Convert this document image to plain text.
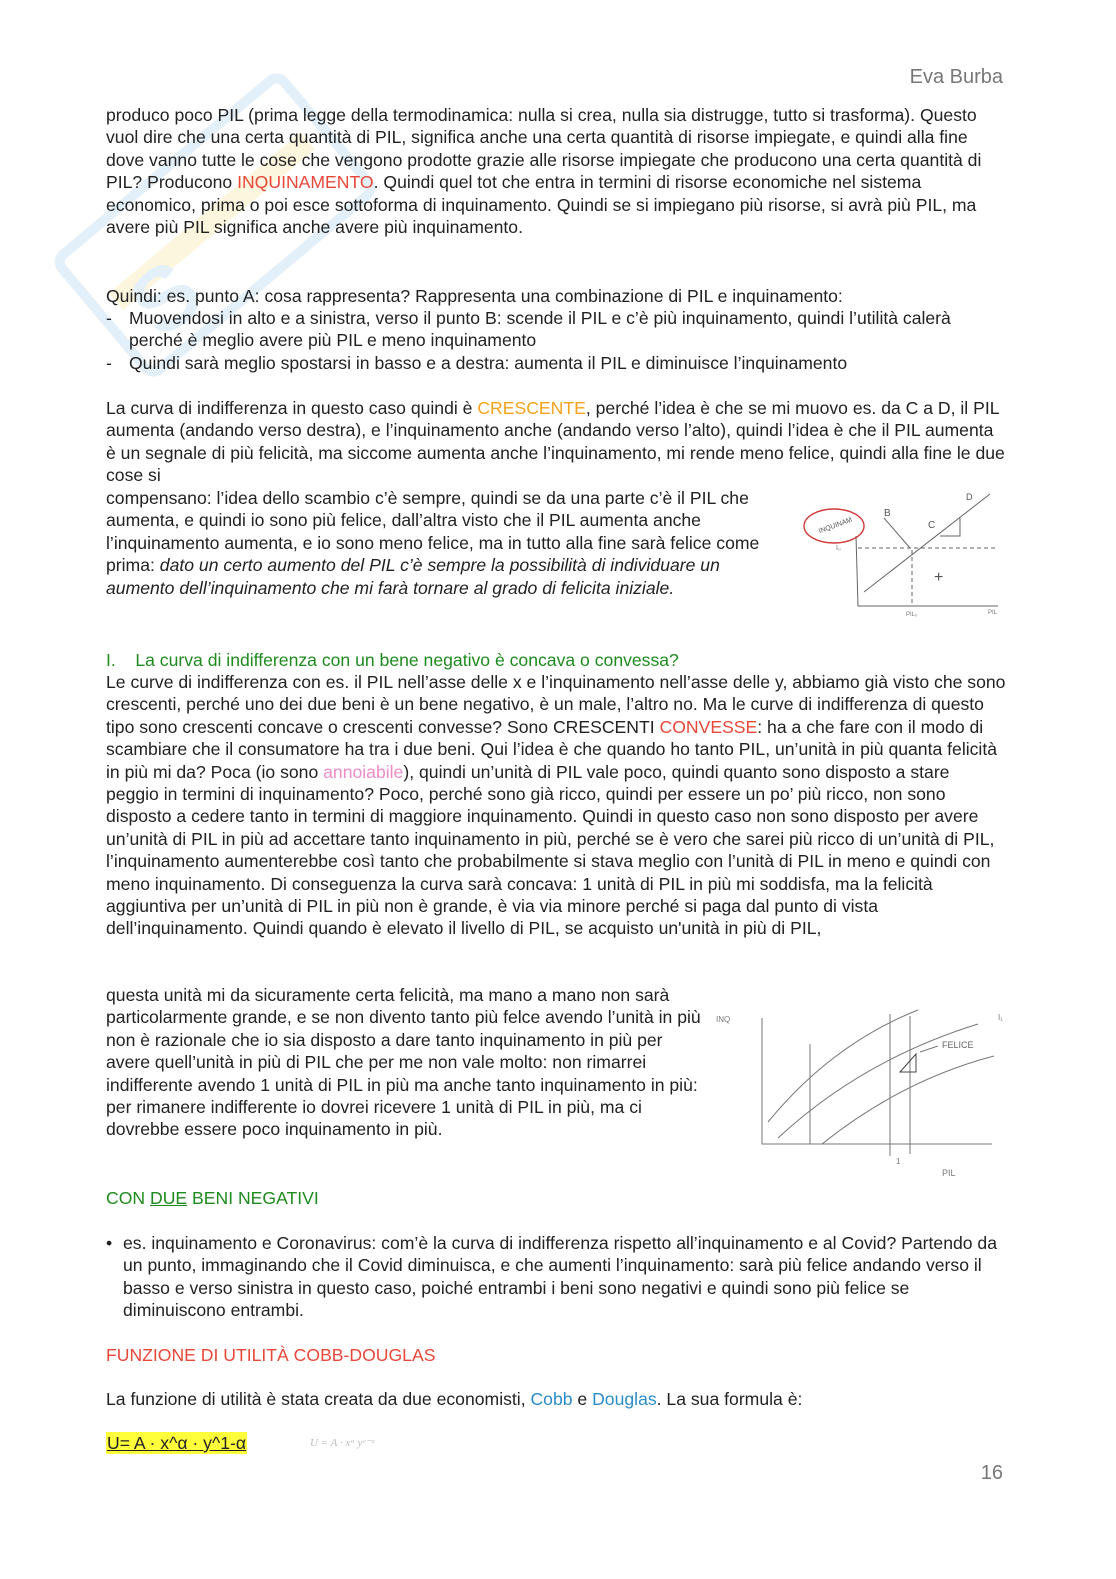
S
Eva Burba
produco poco PIL (prima legge della termodinamica: nulla si crea, nulla sia distrugge, tutto si trasforma). Questo vuol dire che una certa quantità di PIL, significa anche una certa quantità di risorse impiegate, e quindi alla fine dove vanno tutte le cose che vengono prodotte grazie alle risorse impiegate che producono una certa quantità di PIL? Producono INQUINAMENTO. Quindi quel tot che entra in termini di risorse economiche nel sistema economico, prima o poi esce sottoforma di inquinamento. Quindi se si impiegano più risorse, si avrà più PIL, ma avere più PIL significa anche avere più inquinamento.
Quindi: es. punto A: cosa rappresenta? Rappresenta una combinazione di PIL e inquinamento:
- Muovendosi in alto e a sinistra, verso il punto B: scende il PIL e c’è più inquinamento, quindi l’utilità calerà perché è meglio avere più PIL e meno inquinamento
- Quindi sarà meglio spostarsi in basso e a destra: aumenta il PIL e diminuisce l’inquinamento
La curva di indifferenza in questo caso quindi è CRESCENTE, perché l’idea è che se mi muovo es. da C a D, il PIL aumenta (andando verso destra), e l’inquinamento anche (andando verso l’alto), quindi l’idea è che il PIL aumenta è un segnale di più felicità, ma siccome aumenta anche l’inquinamento, mi rende meno felice, quindi alla fine le due cose si
compensano: l’idea dello scambio c’è sempre, quindi se da una parte c’è il PIL che aumenta, e quindi io sono più felice, dall’altra visto che il PIL aumenta anche l’inquinamento aumenta, e io sono meno felice, ma in tutto alla fine sarà felice come prima: dato un certo aumento del PIL c’è sempre la possibilità di individuare un aumento dell’inquinamento che mi farà tornare al grado di felicita iniziale.
INQUINAM
B
C
D
+
I₀
PIL₀	PIL
I. La curva di indifferenza con un bene negativo è concava o convessa?
Le curve di indifferenza con es. il PIL nell’asse delle x e l’inquinamento nell’asse delle y, abbiamo già visto che sono crescenti, perché uno dei due beni è un bene negativo, è un male, l’altro no. Ma le curve di indifferenza di questo tipo sono crescenti concave o crescenti convesse? Sono CRESCENTI CONVESSE: ha a che fare con il modo di scambiare che il consumatore ha tra i due beni. Qui l’idea è che quando ho tanto PIL, un’unità in più quanta felicità in più mi da? Poca (io sono annoiabile), quindi un’unità di PIL vale poco, quindi quanto sono disposto a stare peggio in termini di inquinamento? Poco, perché sono già ricco, quindi per essere un po’ più ricco, non sono disposto a cedere tanto in termini di maggiore inquinamento. Quindi in questo caso non sono disposto per avere un’unità di PIL in più ad accettare tanto inquinamento in più, perché se è vero che sarei più ricco di un’unità di PIL, l’inquinamento aumenterebbe così tanto che probabilmente si stava meglio con l’unità di PIL in meno e quindi con meno inquinamento. Di conseguenza la curva sarà concava: 1 unità di PIL in più mi soddisfa, ma la felicità aggiuntiva per un’unità di PIL in più non è grande, è via via minore perché si paga dal punto di vista dell’inquinamento. Quindi quando è elevato il livello di PIL, se acquisto un'unità in più di PIL,
questa unità mi da sicuramente certa felicità, ma mano a mano non sarà particolarmente grande, e se non divento tanto più felce avendo l’unità in più non è razionale che io sia disposto a dare tanto inquinamento in più per avere quell’unità in più di PIL che per me non vale molto: non rimarrei indifferente avendo 1 unità di PIL in più ma anche tanto inquinamento in più: per rimanere indifferente io dovrei ricevere 1 unità di PIL in più, ma ci dovrebbe essere poco inquinamento in più.
INQ
FELICE
1
PIL
I₁
CON DUE BENI NEGATIVI
• es. inquinamento e Coronavirus: com’è la curva di indifferenza rispetto all’inquinamento e al Covid? Partendo da un punto, immaginando che il Covid diminuisca, e che aumenti l’inquinamento: sarà più felice andando verso il basso e verso sinistra in questo caso, poiché entrambi i beni sono negativi e quindi sono più felice se diminuiscono entrambi.
FUNZIONE DI UTILITÀ COBB-DOUGLAS
La funzione di utilità è stata creata da due economisti, Cobb e Douglas. La sua formula è:
U= A · x^α · y^1-α	U = A · xᵅ yᶜ⁻ᵅ
16
